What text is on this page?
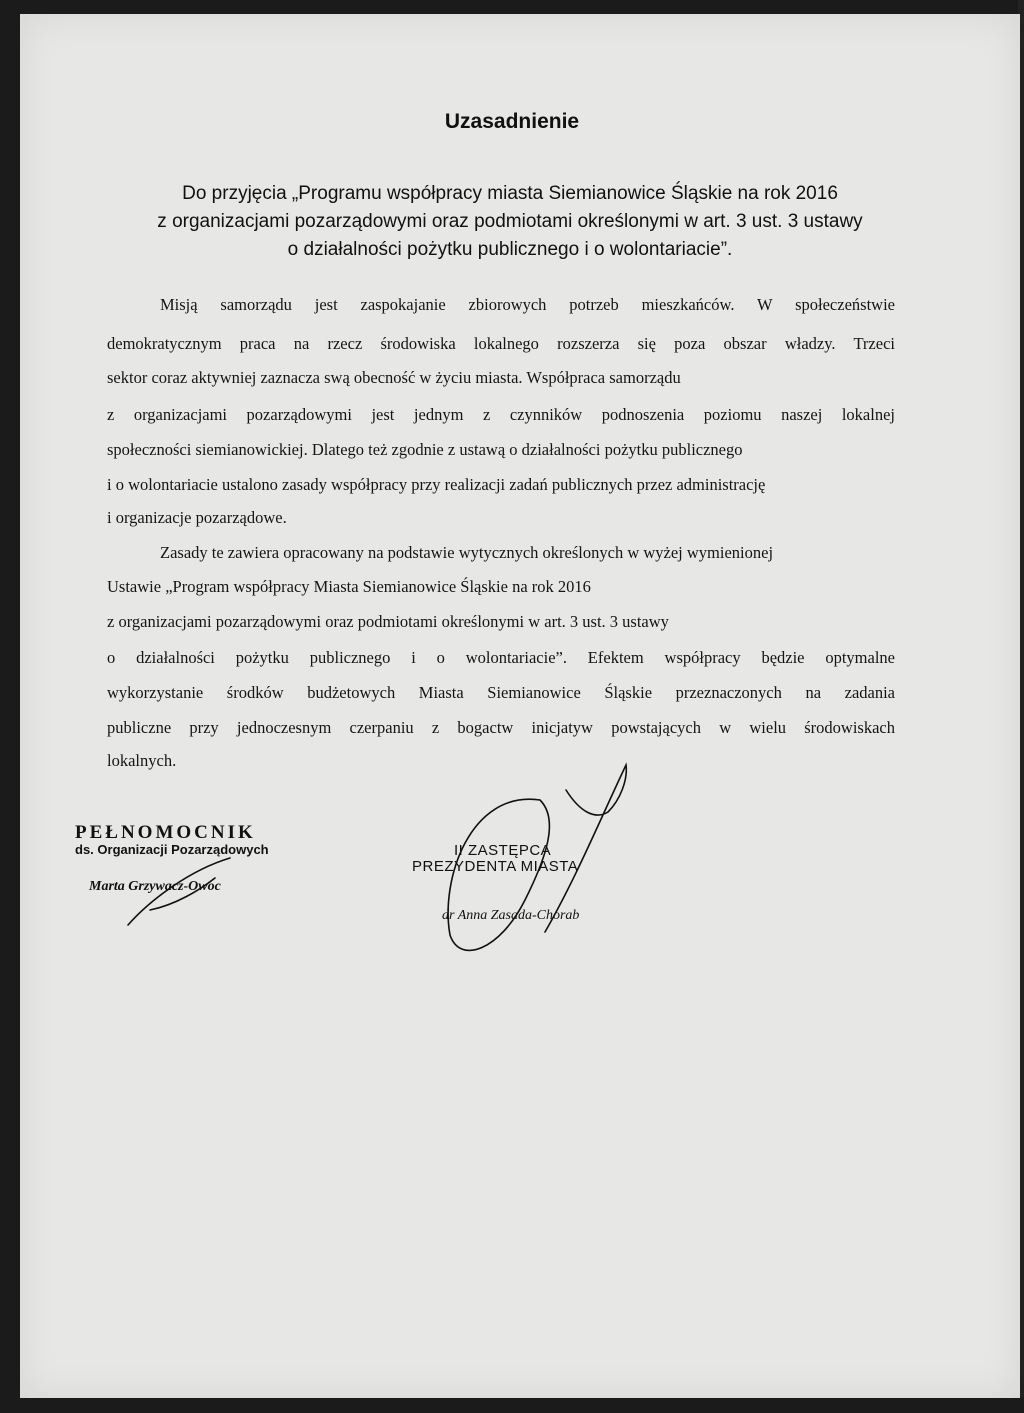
Uzasadnienie
Do przyjęcia „Programu współpracy miasta Siemianowice Śląskie na rok 2016
z organizacjami pozarządowymi oraz podmiotami określonymi w art. 3 ust. 3 ustawy
o działalności pożytku publicznego i o wolontariacie”.
Misją samorządu jest zaspokajanie zbiorowych potrzeb mieszkańców. W społeczeństwie
demokratycznym praca na rzecz środowiska lokalnego rozszerza się poza obszar władzy. Trzeci
sektor coraz aktywniej zaznacza swą obecność w życiu miasta. Współpraca samorządu
z organizacjami pozarządowymi jest jednym z czynników podnoszenia poziomu naszej lokalnej
społeczności siemianowickiej. Dlatego też zgodnie z ustawą o działalności pożytku publicznego
i o wolontariacie ustalono zasady współpracy przy realizacji zadań publicznych przez administrację
i organizacje pozarządowe.
Zasady te zawiera opracowany na podstawie wytycznych określonych w wyżej wymienionej
Ustawie „Program współpracy Miasta Siemianowice Śląskie na rok 2016
z organizacjami pozarządowymi oraz podmiotami określonymi w art. 3 ust. 3 ustawy
o działalności pożytku publicznego i o wolontariacie”. Efektem współpracy będzie optymalne
wykorzystanie środków budżetowych Miasta Siemianowice Śląskie przeznaczonych na zadania
publiczne przy jednoczesnym czerpaniu z bogactw inicjatyw powstających w wielu środowiskach
lokalnych.
PEŁNOMOCNIK
ds. Organizacji Pozarządowych
Marta Grzywacz-Owoc
II ZASTĘPCA
PREZYDENTA MIASTA
dr Anna Zasada-Chorab
